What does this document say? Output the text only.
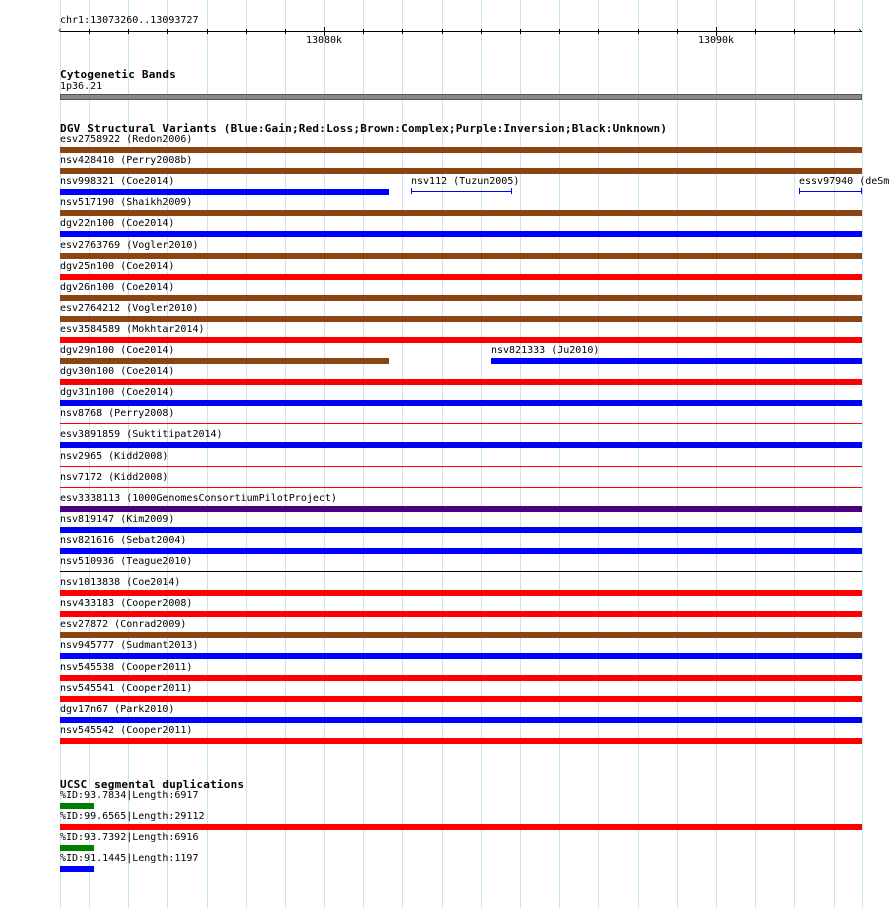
chr1:13073260..13093727
‹	›
13080k	13090k
Cytogenetic Bands
1p36.21
DGV Structural Variants (Blue:Gain;Red:Loss;Brown:Complex;Purple:Inversion;Black:Unknown)
esv2758922 (Redon2006)
nsv428410 (Perry2008b)
nsv998321 (Coe2014)	nsv112 (Tuzun2005)	essv97940 (deSm
nsv517190 (Shaikh2009)
dgv22n100 (Coe2014)
esv2763769 (Vogler2010)
dgv25n100 (Coe2014)
dgv26n100 (Coe2014)
esv2764212 (Vogler2010)
esv3584589 (Mokhtar2014)
dgv29n100 (Coe2014)	nsv821333 (Ju2010)
dgv30n100 (Coe2014)
dgv31n100 (Coe2014)
nsv8768 (Perry2008)
esv3891859 (Suktitipat2014)
nsv2965 (Kidd2008)
nsv7172 (Kidd2008)
esv3338113 (1000GenomesConsortiumPilotProject)
nsv819147 (Kim2009)
nsv821616 (Sebat2004)
nsv510936 (Teague2010)
nsv1013838 (Coe2014)
nsv433183 (Cooper2008)
esv27872 (Conrad2009)
nsv945777 (Sudmant2013)
nsv545538 (Cooper2011)
nsv545541 (Cooper2011)
dgv17n67 (Park2010)
nsv545542 (Cooper2011)
UCSC segmental duplications
%ID:93.7834|Length:6917
%ID:99.6565|Length:29112
%ID:93.7392|Length:6916
%ID:91.1445|Length:1197
